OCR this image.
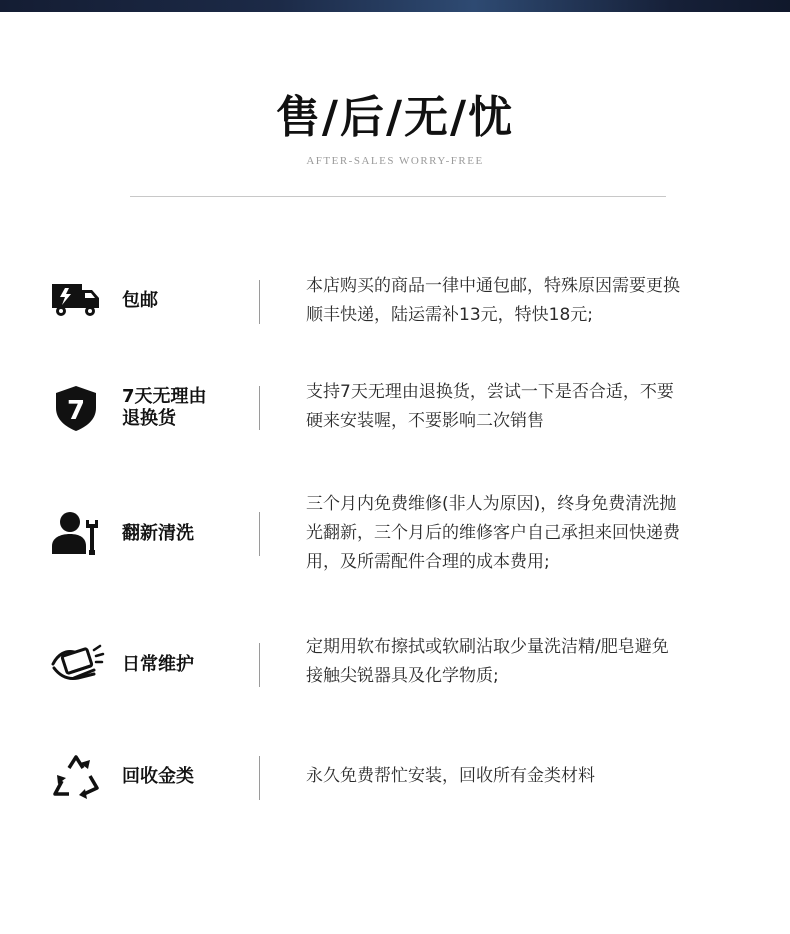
售/后/无/忧
AFTER-SALES WORRY-FREE
包邮
本店购买的商品一律中通包邮，特殊原因需要更换
顺丰快递，陆运需补13元，特快18元;
7 7天无理由
退换货
支持7天无理由退换货，尝试一下是否合适，不要
硬来安装喔，不要影响二次销售
翻新清洗
三个月内免费维修(非人为原因)，终身免费清洗抛
光翻新，三个月后的维修客户自己承担来回快递费
用，及所需配件合理的成本费用;
日常维护
定期用软布擦拭或软刷沾取少量洗洁精/肥皂避免
接触尖锐器具及化学物质;
回收金类	永久免费帮忙安装，回收所有金类材料
